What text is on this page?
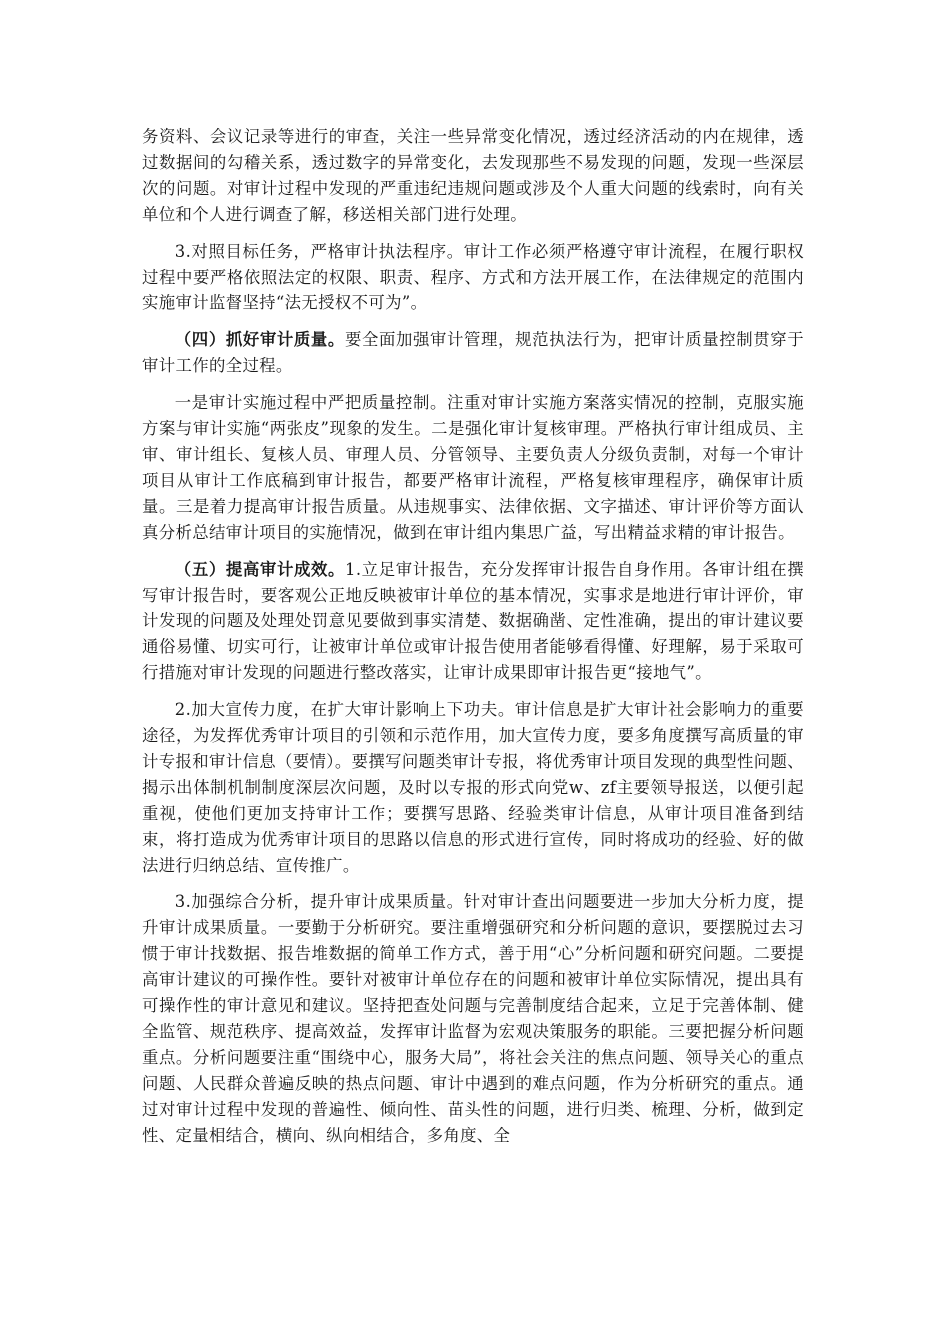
务资料、会议记录等进行的审查，关注一些异常变化情况，透过经济活动的内在规律，透过数据间的勾稽关系，透过数字的异常变化，去发现那些不易发现的问题，发现一些深层次的问题。对审计过程中发现的严重违纪违规问题或涉及个人重大问题的线索时，向有关单位和个人进行调查了解，移送相关部门进行处理。

3.对照目标任务，严格审计执法程序。审计工作必须严格遵守审计流程，在履行职权过程中要严格依照法定的权限、职责、程序、方式和方法开展工作，在法律规定的范围内实施审计监督坚持“法无授权不可为”。

（四）抓好审计质量。要全面加强审计管理，规范执法行为，把审计质量控制贯穿于审计工作的全过程。

一是审计实施过程中严把质量控制。注重对审计实施方案落实情况的控制，克服实施方案与审计实施“两张皮”现象的发生。二是强化审计复核审理。严格执行审计组成员、主审、审计组长、复核人员、审理人员、分管领导、主要负责人分级负责制，对每一个审计项目从审计工作底稿到审计报告，都要严格审计流程，严格复核审理程序，确保审计质量。三是着力提高审计报告质量。从违规事实、法律依据、文字描述、审计评价等方面认真分析总结审计项目的实施情况，做到在审计组内集思广益，写出精益求精的审计报告。

（五）提高审计成效。1.立足审计报告，充分发挥审计报告自身作用。各审计组在撰写审计报告时，要客观公正地反映被审计单位的基本情况，实事求是地进行审计评价，审计发现的问题及处理处罚意见要做到事实清楚、数据确凿、定性准确，提出的审计建议要通俗易懂、切实可行，让被审计单位或审计报告使用者能够看得懂、好理解，易于采取可行措施对审计发现的问题进行整改落实，让审计成果即审计报告更“接地气”。

2.加大宣传力度，在扩大审计影响上下功夫。审计信息是扩大审计社会影响力的重要途径，为发挥优秀审计项目的引领和示范作用，加大宣传力度，要多角度撰写高质量的审计专报和审计信息（要情）。要撰写问题类审计专报，将优秀审计项目发现的典型性问题、揭示出体制机制制度深层次问题，及时以专报的形式向党w、zf主要领导报送，以便引起重视，使他们更加支持审计工作；要撰写思路、经验类审计信息，从审计项目准备到结束，将打造成为优秀审计项目的思路以信息的形式进行宣传，同时将成功的经验、好的做法进行归纳总结、宣传推广。

3.加强综合分析，提升审计成果质量。针对审计查出问题要进一步加大分析力度，提升审计成果质量。一要勤于分析研究。要注重增强研究和分析问题的意识，要摆脱过去习惯于审计找数据、报告堆数据的简单工作方式，善于用“心”分析问题和研究问题。二要提高审计建议的可操作性。要针对被审计单位存在的问题和被审计单位实际情况，提出具有可操作性的审计意见和建议。坚持把查处问题与完善制度结合起来，立足于完善体制、健全监管、规范秩序、提高效益，发挥审计监督为宏观决策服务的职能。三要把握分析问题重点。分析问题要注重“围绕中心，服务大局”，将社会关注的焦点问题、领导关心的重点问题、人民群众普遍反映的热点问题、审计中遇到的难点问题，作为分析研究的重点。通过对审计过程中发现的普遍性、倾向性、苗头性的问题，进行归类、梳理、分析，做到定性、定量相结合，横向、纵向相结合，多角度、全
